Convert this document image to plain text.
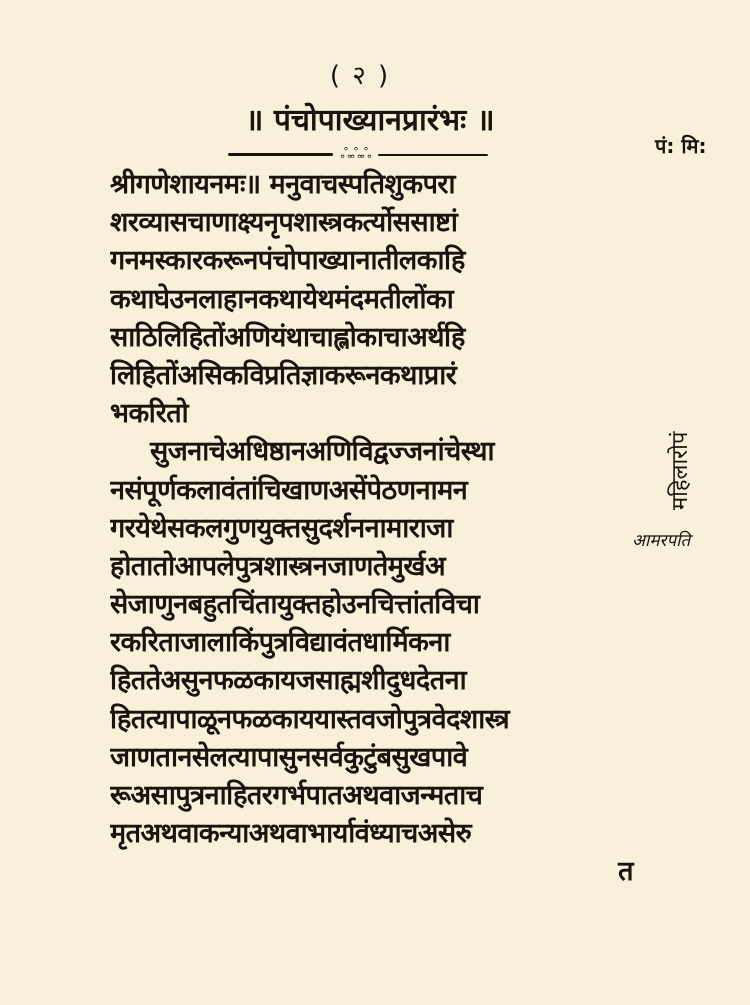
( २ )
॥ पंचोपाख्यानप्रारंभः ॥
ஃஃஃ	पं: मि:
महिलारोपं
आमरपति
श्रीगणेशायनमः॥ मनुवाचस्पतिशुकपरा
शरव्यासचाणाक्ष्यनृपशास्त्रकर्त्योससाष्टां
गनमस्कारकरूनपंचोपाख्यानातीलकाहि
कथाघेउनलाहानकथायेथमंदमतीलोंका
साठिलिहितोंअणियंथाचाह्लोकाचाअर्थहि
लिहितोंअसिकविप्रतिज्ञाकरूनकथाप्रारं
भकरितो
सुजनाचेअधिष्ठानअणिविद्वज्जनांचेस्था
नसंपूर्णकलावंतांचिखाणअसेंपेठणनामन
गरयेथेसकलगुणयुक्तसुदर्शननामाराजा
होतातोआपलेपुत्रशास्त्रनजाणतेमुर्खअ
सेजाणुनबहुतचिंतायुक्तहोउनचित्तांतविचा
रकरिताजालाकिंपुत्रविद्यावंतधार्मिकना
हिततेअसुनफळकायजसाह्मशीदुधदेतना
हितत्यापाळूनफळकाययास्तवजोपुत्रवेदशास्त्र
जाणतानसेलत्यापासुनसर्वकुटुंबसुखपावे
रूअसापुत्रनाहितरगर्भपातअथवाजन्मताच
मृतअथवाकन्याअथवाभार्यावंध्याचअसेरु
त
